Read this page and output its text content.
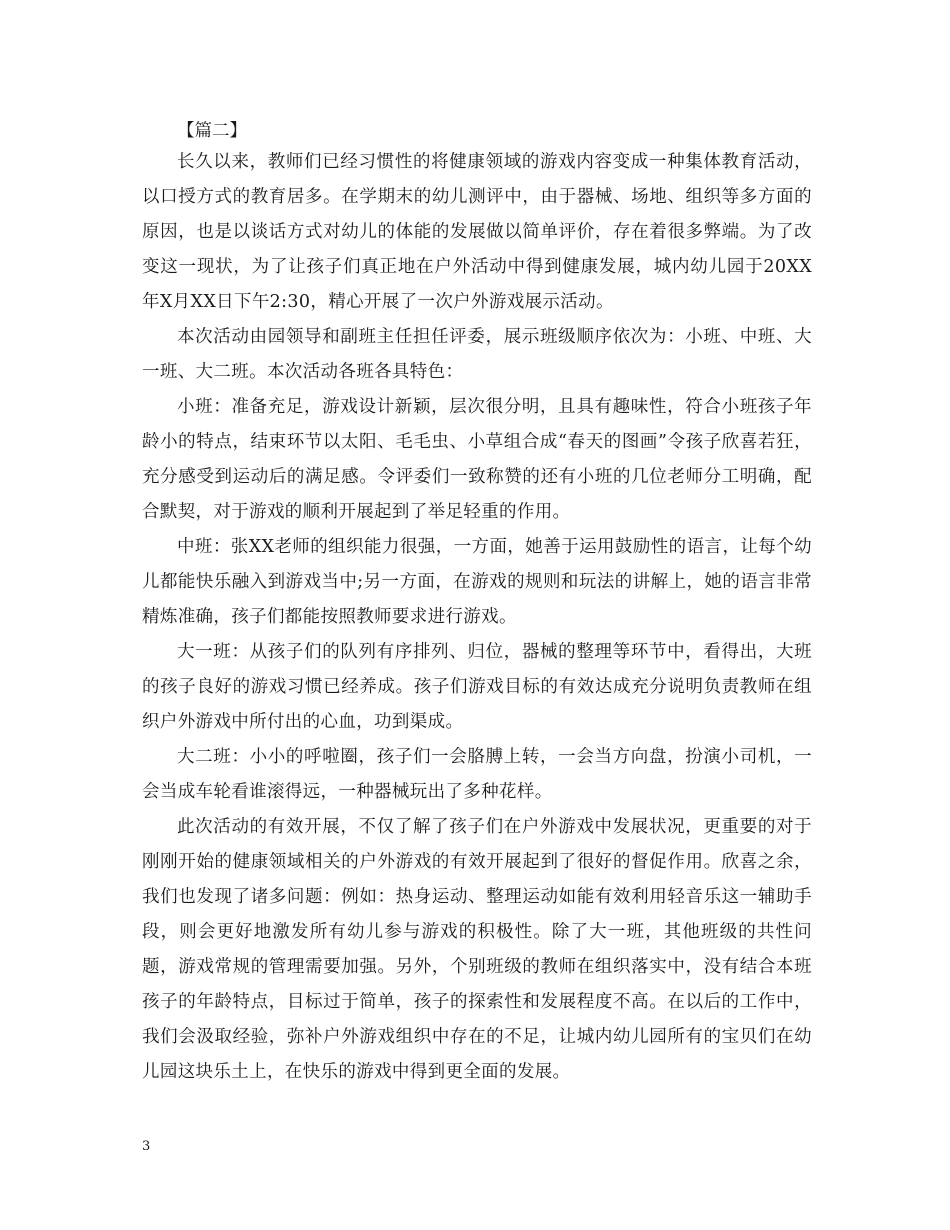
【篇二】

长久以来，教师们已经习惯性的将健康领域的游戏内容变成一种集体教育活动，以口授方式的教育居多。在学期末的幼儿测评中，由于器械、场地、组织等多方面的原因，也是以谈话方式对幼儿的体能的发展做以简单评价，存在着很多弊端。为了改变这一现状，为了让孩子们真正地在户外活动中得到健康发展，城内幼儿园于20XX年X月XX日下午2:30，精心开展了一次户外游戏展示活动。

本次活动由园领导和副班主任担任评委，展示班级顺序依次为：小班、中班、大一班、大二班。本次活动各班各具特色：

小班：准备充足，游戏设计新颖，层次很分明，且具有趣味性，符合小班孩子年龄小的特点，结束环节以太阳、毛毛虫、小草组合成“春天的图画”令孩子欣喜若狂，充分感受到运动后的满足感。令评委们一致称赞的还有小班的几位老师分工明确，配合默契，对于游戏的顺利开展起到了举足轻重的作用。

中班：张XX老师的组织能力很强，一方面，她善于运用鼓励性的语言，让每个幼儿都能快乐融入到游戏当中;另一方面，在游戏的规则和玩法的讲解上，她的语言非常精炼准确，孩子们都能按照教师要求进行游戏。

大一班：从孩子们的队列有序排列、归位，器械的整理等环节中，看得出，大班的孩子良好的游戏习惯已经养成。孩子们游戏目标的有效达成充分说明负责教师在组织户外游戏中所付出的心血，功到渠成。

大二班：小小的呼啦圈，孩子们一会胳膊上转，一会当方向盘，扮演小司机，一会当成车轮看谁滚得远，一种器械玩出了多种花样。

此次活动的有效开展，不仅了解了孩子们在户外游戏中发展状况，更重要的对于刚刚开始的健康领域相关的户外游戏的有效开展起到了很好的督促作用。欣喜之余，我们也发现了诸多问题：例如：热身运动、整理运动如能有效利用轻音乐这一辅助手段，则会更好地激发所有幼儿参与游戏的积极性。除了大一班，其他班级的共性问题，游戏常规的管理需要加强。另外，个别班级的教师在组织落实中，没有结合本班孩子的年龄特点，目标过于简单，孩子的探索性和发展程度不高。在以后的工作中，我们会汲取经验，弥补户外游戏组织中存在的不足，让城内幼儿园所有的宝贝们在幼儿园这块乐土上，在快乐的游戏中得到更全面的发展。

3
